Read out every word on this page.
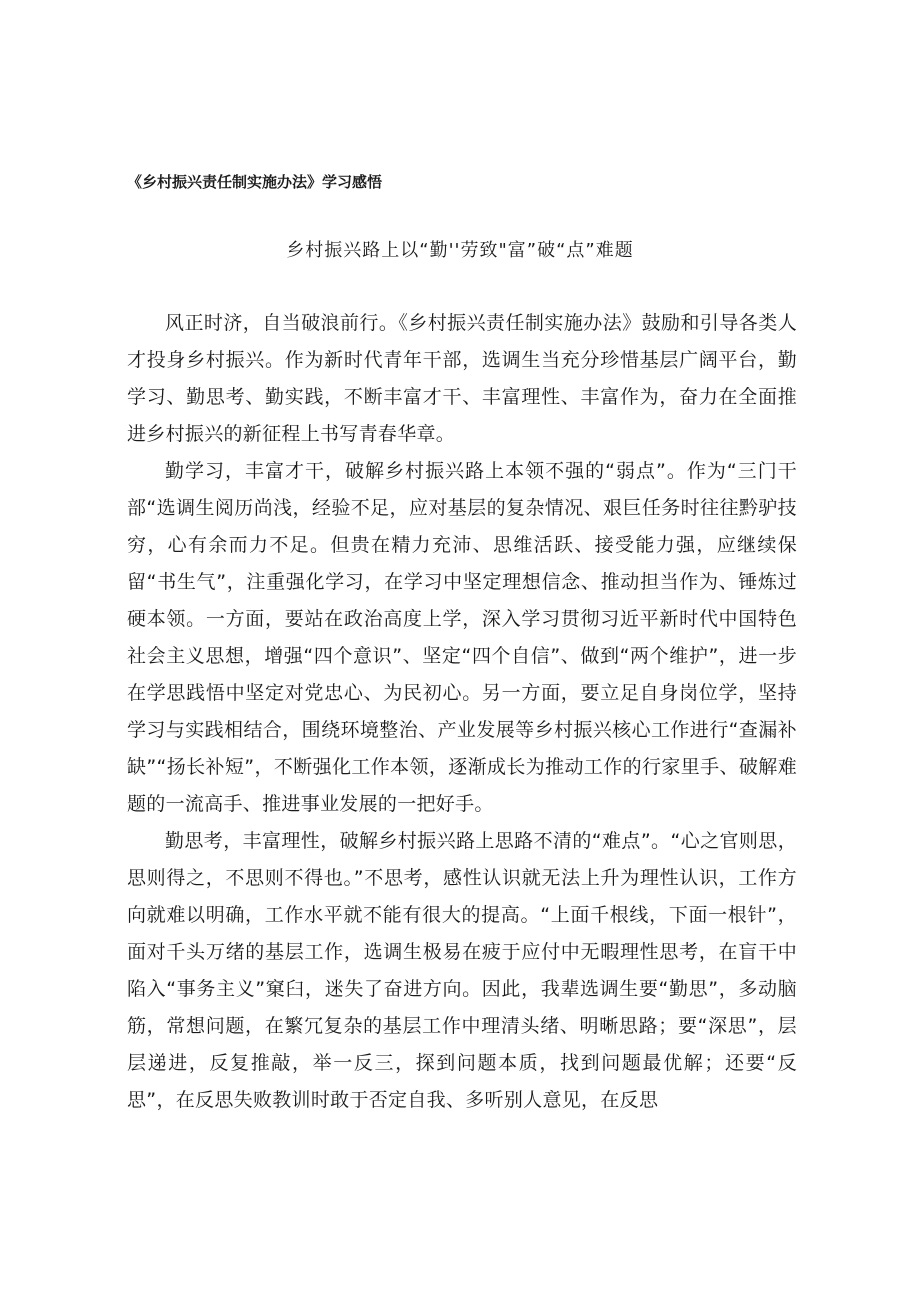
《乡村振兴责任制实施办法》学习感悟
乡村振兴路上以“勤''劳致"富”破“点”难题

风正时济，自当破浪前行。《乡村振兴责任制实施办法》鼓励和引导各类人才投身乡村振兴。作为新时代青年干部，选调生当充分珍惜基层广阔平台，勤学习、勤思考、勤实践，不断丰富才干、丰富理性、丰富作为，奋力在全面推进乡村振兴的新征程上书写青春华章。

勤学习，丰富才干，破解乡村振兴路上本领不强的“弱点”。作为“三门干部“选调生阅历尚浅，经验不足，应对基层的复杂情况、艰巨任务时往往黔驴技穷，心有余而力不足。但贵在精力充沛、思维活跃、接受能力强，应继续保留“书生气”，注重强化学习，在学习中坚定理想信念、推动担当作为、锤炼过硬本领。一方面，要站在政治高度上学，深入学习贯彻习近平新时代中国特色社会主义思想，增强“四个意识”、坚定“四个自信”、做到“两个维护”，进一步在学思践悟中坚定对党忠心、为民初心。另一方面，要立足自身岗位学，坚持学习与实践相结合，围绕环境整治、产业发展等乡村振兴核心工作进行“查漏补缺”“扬长补短”，不断强化工作本领，逐渐成长为推动工作的行家里手、破解难题的一流高手、推进事业发展的一把好手。

勤思考，丰富理性，破解乡村振兴路上思路不清的“难点”。“心之官则思，思则得之，不思则不得也。”不思考，感性认识就无法上升为理性认识，工作方向就难以明确，工作水平就不能有很大的提高。“上面千根线，下面一根针”，面对千头万绪的基层工作，选调生极易在疲于应付中无暇理性思考，在盲干中陷入“事务主义”窠臼，迷失了奋进方向。因此，我辈选调生要“勤思”，多动脑筋，常想问题，在繁冗复杂的基层工作中理清头绪、明晰思路；要“深思”，层层递进，反复推敲，举一反三，探到问题本质，找到问题最优解；还要“反思”，在反思失败教训时敢于否定自我、多听别人意见，在反思
